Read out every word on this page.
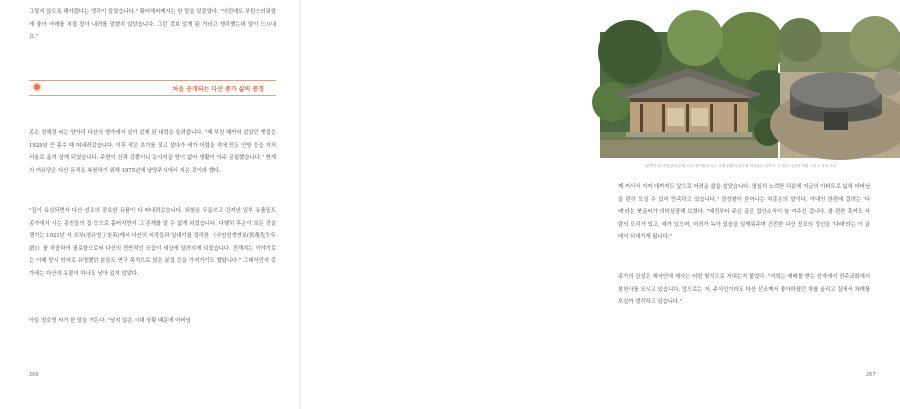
그렇지 않도록 해야겠다는 생각이 들었습니다." 황어해씨께서는 한 말을 덧붙였다. "이런데도 부탄스러워함에 좋아 아레를 직접 잡아 내려를 말했지 않았습니다. 그런 것보 알게 된 거라고 생각했는데 말이 드시네요."

처음 공개되는 다산 종가 삶의 풍경

종손 정해경 씨는 양아리 다산의 생가에서 살기 살게 된 내력을 들려줍니다. "제 부친 때까지 살았던 옛집은 1925년 큰 홍수 때 떠내려갔습니다. 이후 작은 초가를 짓고 살다가 세가 어렵을 적에 만든 안방 등을 거처 서울로 옮겨 살게 되었습니다. 주변이 산과 강뿐이니 농사지을 땅이 없어 생활이 아주 궁핍했습니다." 현재의 여유당은 다산 유적을 복원하기 위해 1975년에 남양주시에서 지은 것이라 했다.

"집이 유실되면서 다산 선조의 중요한 유품이 다 떠내려갔습니다. 위험을 무릅쓰고 건져낸 일부 유품들도 종가에서 사는 종친들의 집 등으로 흩어지면서 그 존재를 알 수 없게 되었습니다. 다행히 후손이 보든 것을 챙기는 1921년 서 조부(정규영丁奎英)께서 다산의 저작들과 일대기를 정리한 《사암선생연보(俟菴先生年譜)》를 작음하여 필로함으로써 다산의 전반적인 모습이 세상에 알려지게 되었습니다. 전해지는 이야기로는 이때 당시 학자로 유명했던 분들도 연구 목적으로 많은 분집 등을 가져가기도 했답니다." 그래서인지 종가에는 다산의 유물이 하나도 남아 있지 않았다.

아들 정호영 씨가 한 말을 거든다. "남지 않은 시대 상황 때문에 어버님

266
(왼쪽부터) 여유당의 본채. 다산 정약용의 묘는 고택 뒤편의 동산에 자리잡은 것이다. 그 옆의 다산의 바위 그리고 식탁 모습

께 커서서 지켜 대까지도 앞으로 어려운 삶을 살았습니다. 열심히 노력한 덕분에 지금의 아파트로 넓혀 어버님을 편히 모실 수 있어 만족하고 있습니다." 정성함이 묻어나는 차종손의 말이다. 아내인 한편에 걸려는 '다래'라는 붓글씨가 의미심장해 보였다. "예전부터 주신 글은 집안소식이 늘 여주신 겁니다. 참 편한 혹여도 사람의 도리가 있고, 예가 있으며, 어려가 녹아 있음을 일깨워주며 건전한 다산 선조의 정신을 '다래'라는 이 글에서 되새기게 됩니다."

종가의 상징은 제사인데 제사는 어떤 형식으로 지내는지 물었다. "저희는 예배를 받는 신자에서 천주교회에서 봉헌사를 모시고 있습니다. 앞으로는 저, 주식인이라도 다산 선조께서 좋아하셨던 차를 올리고 집에서 차례를 모실까 생각하고 있습니다."

267
